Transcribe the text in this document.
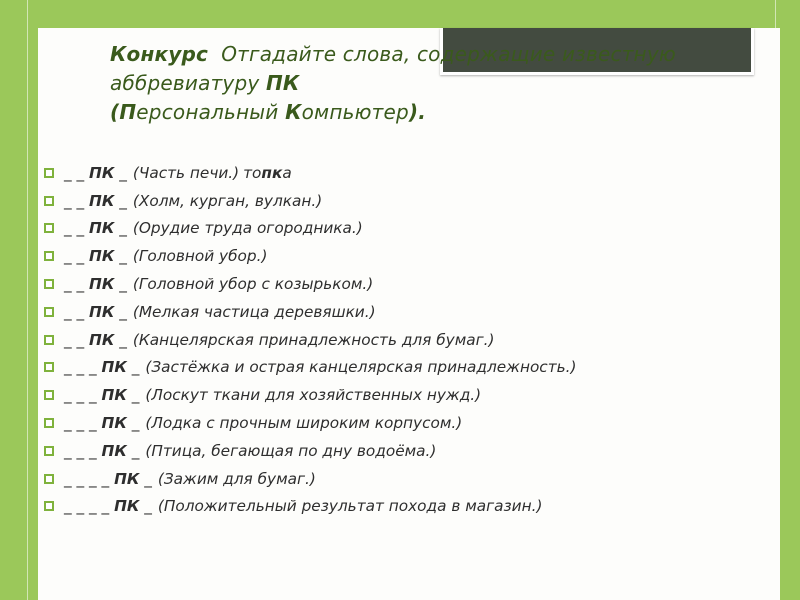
Конкурс Отгадайте слова, содержащие известную аббревиатуру ПК
(Персональный Компьютер).
_ _
ПК
_ (Часть печи.) топка
_ _
ПК
_ (Холм, курган, вулкан.)
_ _
ПК
_ (Орудие труда огородника.)
_ _
ПК
_ (Головной убор.)
_ _
ПК
_ (Головной убор с козырьком.)
_ _
ПК
_ (Мелкая частица деревяшки.)
_ _
ПК
_ (Канцелярская принадлежность для бумаг.)
_ _ _
ПК
_ (Застёжка и острая канцелярская принадлежность.)
_ _ _
ПК
_ (Лоскут ткани для хозяйственных нужд.)
_ _ _
ПК
_ (Лодка с прочным широким корпусом.)
_ _ _
ПК
_ (Птица, бегающая по дну водоёма.)
_ _ _ _
ПК
_ (Зажим для бумаг.)
_ _ _ _
ПК
_ (Положительный результат похода в магазин.)
